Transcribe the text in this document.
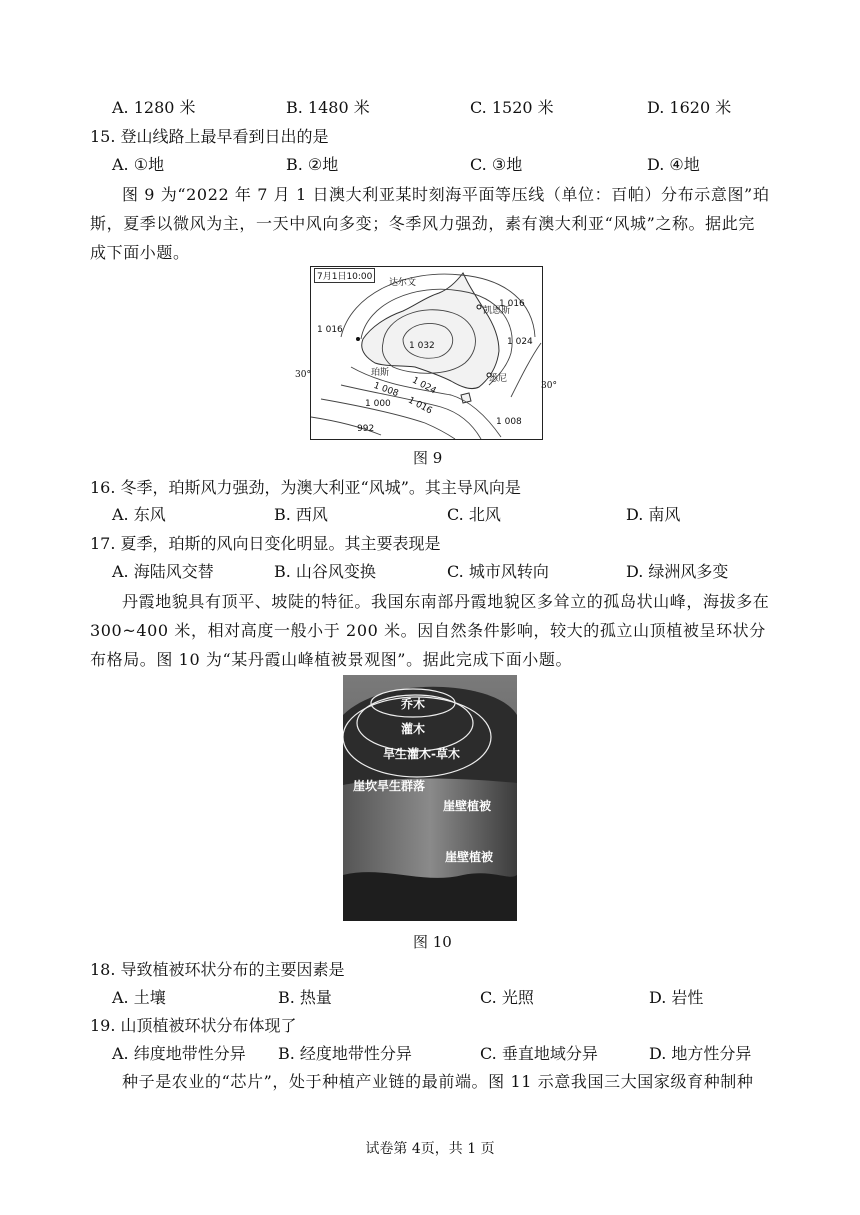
A. 1280 米	B. 1480 米	C. 1520 米	D. 1620 米
15. 登山线路上最早看到日出的是
A. ①地	B. ②地	C. ③地	D. ④地
图 9 为“2022 年 7 月 1 日澳大利亚某时刻海平面等压线（单位：百帕）分布示意图”珀斯，夏季以微风为主，一天中风向多变；冬季风力强劲，素有澳大利亚“风城”之称。据此完成下面小题。
7月1日10:00
达尔文
凯恩斯
珀斯
悉尼
1 016
1 016
1 024
1 032
1 024
1 016
1 008
1 000
992
1 008
30°
30°
图 9
16. 冬季，珀斯风力强劲，为澳大利亚“风城”。其主导风向是
A. 东风	B. 西风	C. 北风	D. 南风
17. 夏季，珀斯的风向日变化明显。其主要表现是
A. 海陆风交替	B. 山谷风变换	C. 城市风转向	D. 绿洲风多变
丹霞地貌具有顶平、坡陡的特征。我国东南部丹霞地貌区多耸立的孤岛状山峰，海拔多在 300~400 米，相对高度一般小于 200 米。因自然条件影响，较大的孤立山顶植被呈环状分布格局。图 10 为“某丹霞山峰植被景观图”。据此完成下面小题。
乔木
灌木
旱生灌木-草木
崖坎旱生群落
崖壁植被
崖壁植被
图 10
18. 导致植被环状分布的主要因素是
A. 土壤	B. 热量	C. 光照	D. 岩性
19. 山顶植被环状分布体现了
A. 纬度地带性分异 B. 经度地带性分异	C. 垂直地域分异	D. 地方性分异
种子是农业的“芯片”，处于种植产业链的最前端。图 11 示意我国三大国家级育种制种
试卷第 4页，共 1 页
